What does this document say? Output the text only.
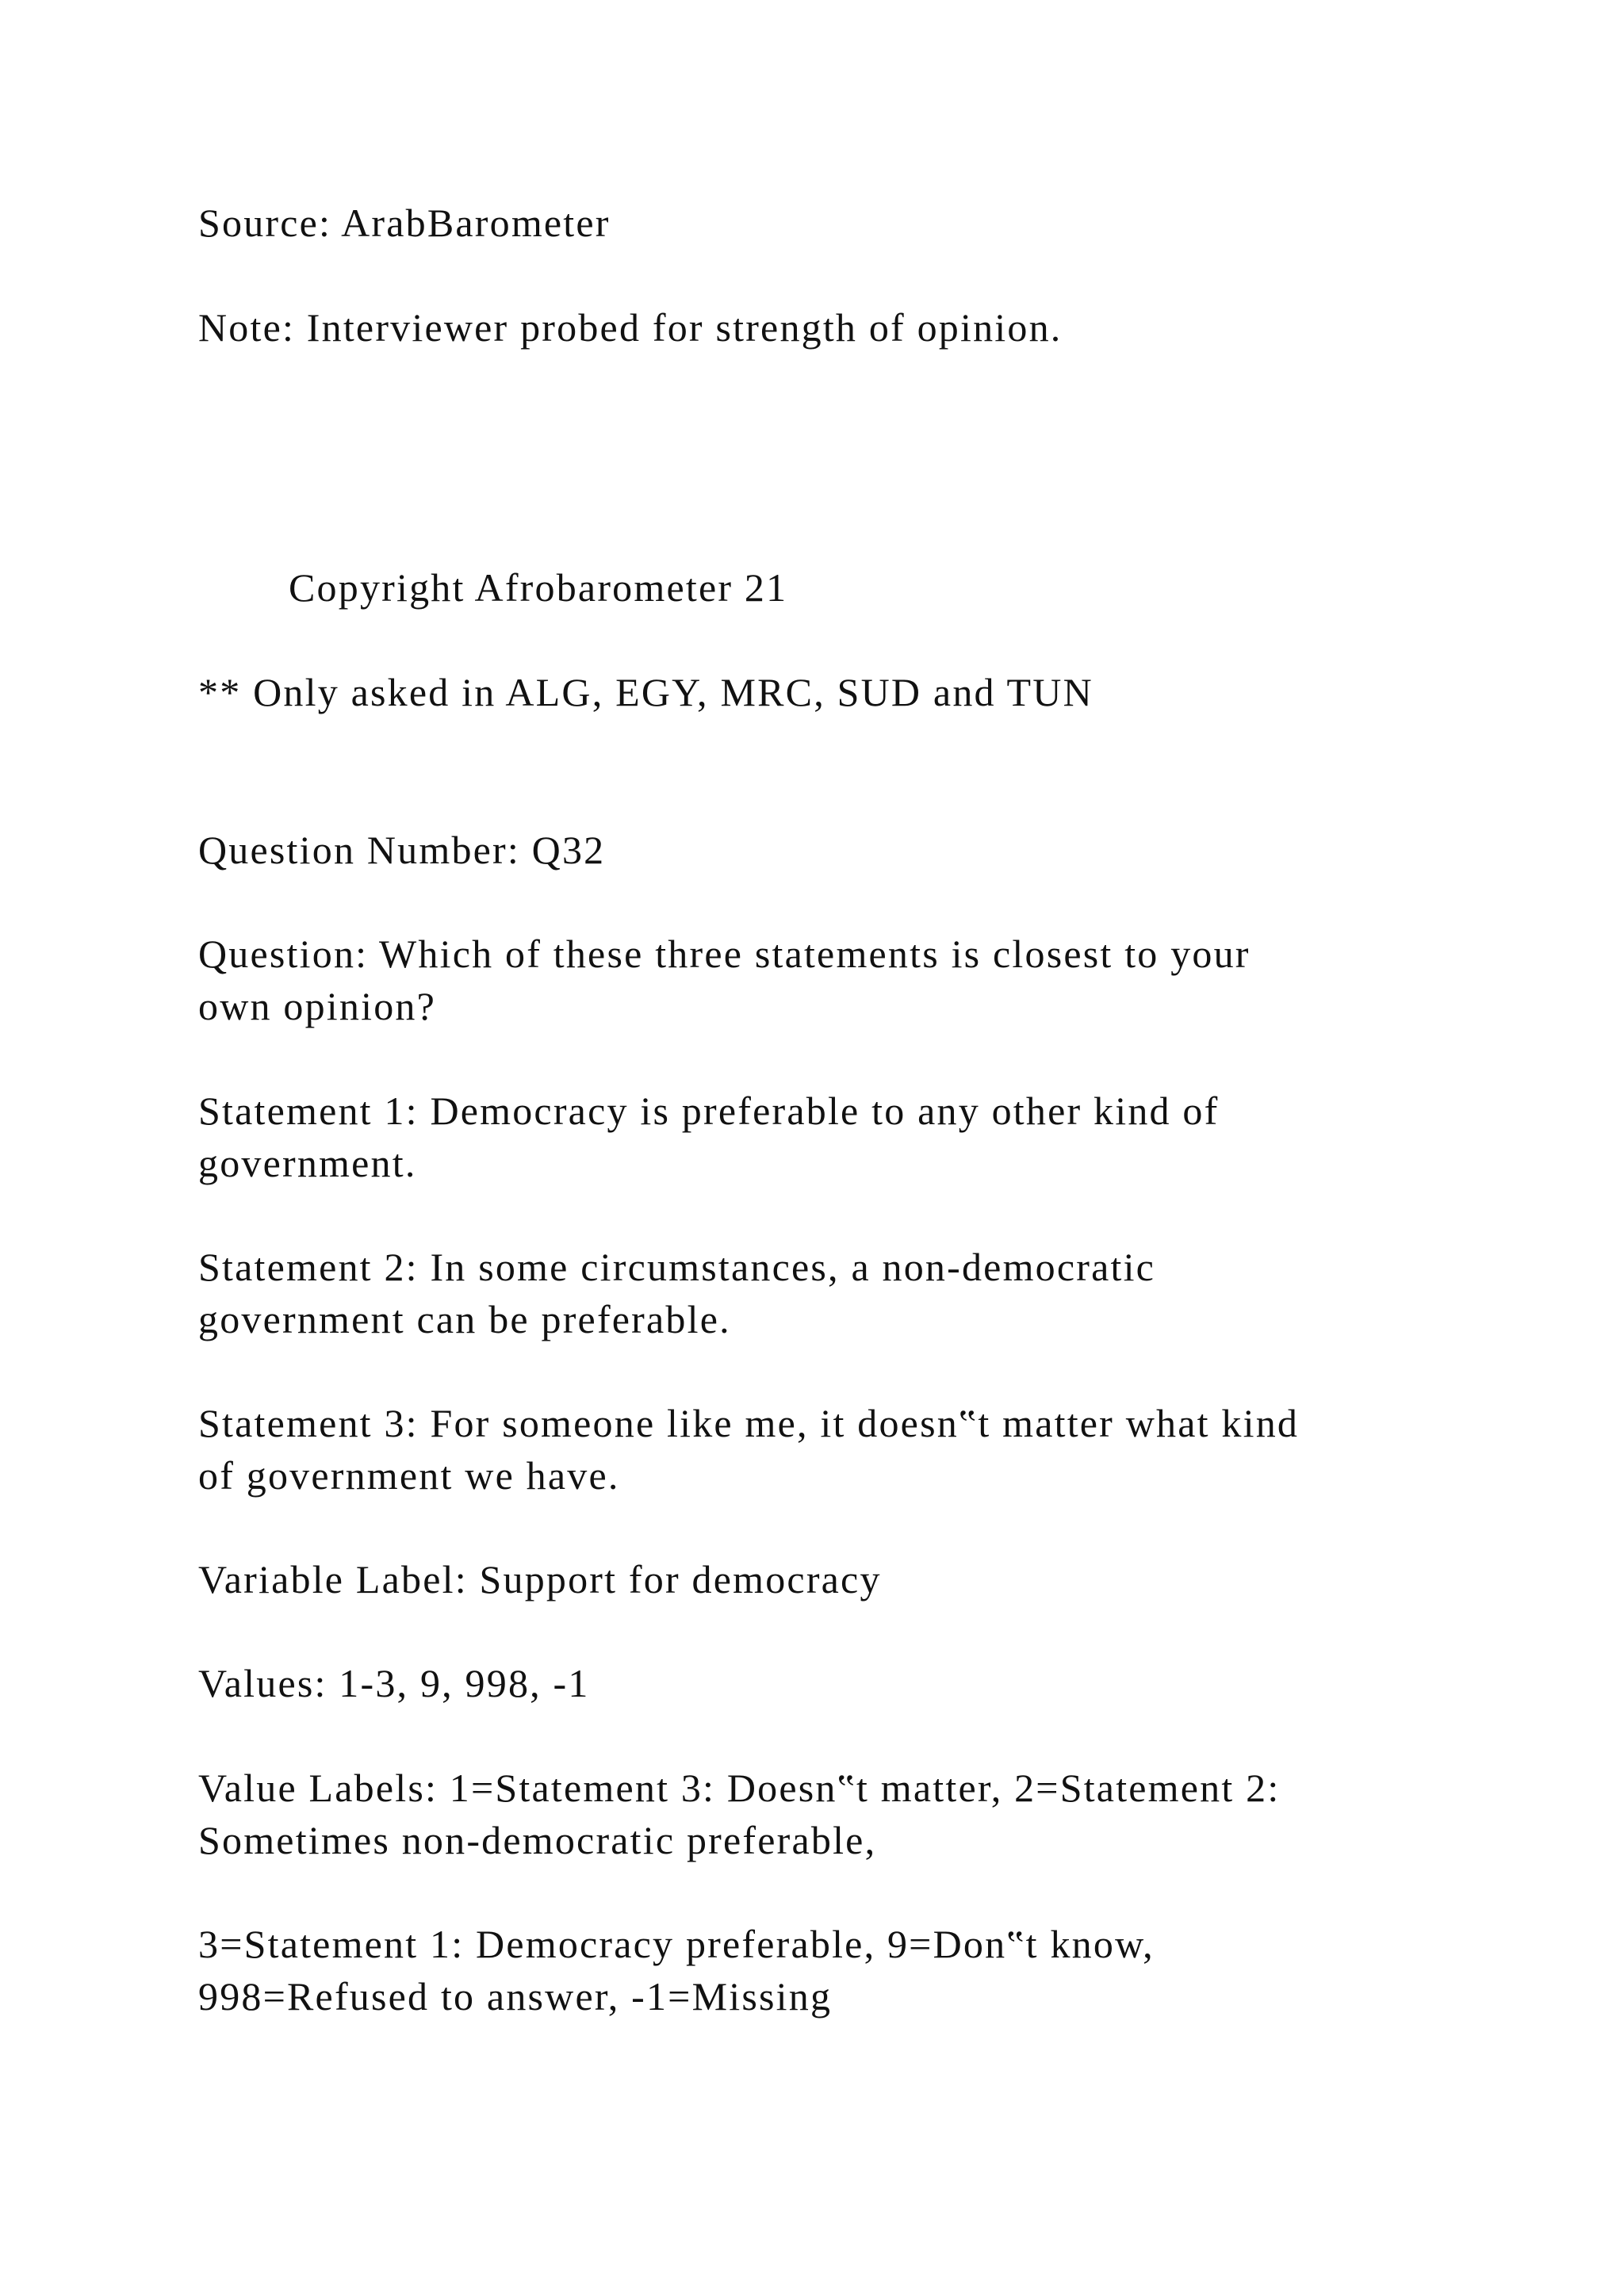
Source: ArabBarometer

Note: Interviewer probed for strength of opinion.

Copyright Afrobarometer 21

** Only asked in ALG, EGY, MRC, SUD and TUN

Question Number: Q32

Question: Which of these three statements is closest to your

own opinion?

Statement 1: Democracy is preferable to any other kind of

government.

Statement 2: In some circumstances, a non-democratic

government can be preferable.

Statement 3: For someone like me, it doesn‟t matter what kind

of government we have.

Variable Label: Support for democracy

Values: 1-3, 9, 998, -1

Value Labels: 1=Statement 3: Doesn‟t matter, 2=Statement 2:

Sometimes non-democratic preferable,

3=Statement 1: Democracy preferable, 9=Don‟t know,

998=Refused to answer, -1=Missing
